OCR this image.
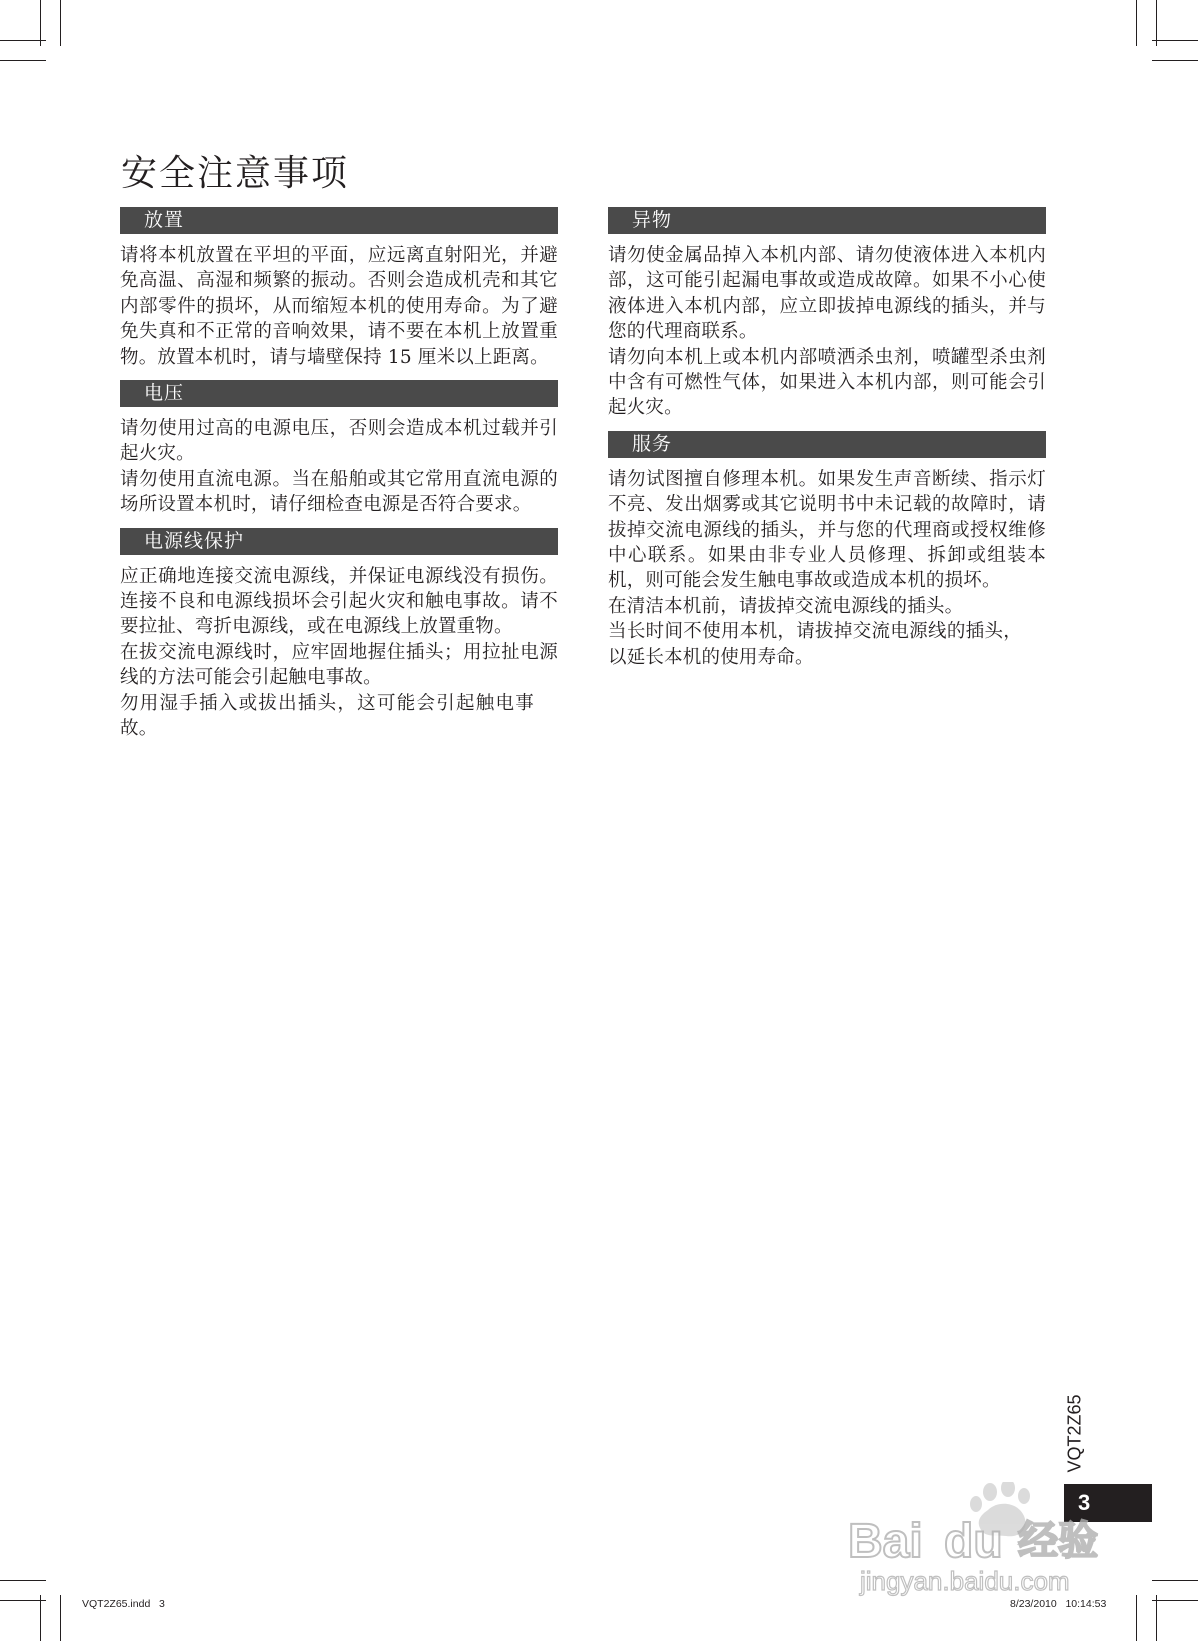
安全注意事项
放置

请将本机放置在平坦的平面，应远离直射阳光，并避免高温、高湿和频繁的振动。否则会造成机壳和其它内部零件的损坏，从而缩短本机的使用寿命。为了避免失真和不正常的音响效果，请不要在本机上放置重物。放置本机时，请与墙壁保持 15 厘米以上距离。

电压

请勿使用过高的电源电压，否则会造成本机过载并引起火灾。

请勿使用直流电源。当在船舶或其它常用直流电源的场所设置本机时，请仔细检查电源是否符合要求。

电源线保护

应正确地连接交流电源线，并保证电源线没有损伤。连接不良和电源线损坏会引起火灾和触电事故。请不要拉扯、弯折电源线，或在电源线上放置重物。

在拔交流电源线时，应牢固地握住插头；用拉扯电源线的方法可能会引起触电事故。

勿用湿手插入或拔出插头，这可能会引起触电事故。

异物

请勿使金属品掉入本机内部、请勿使液体进入本机内部，这可能引起漏电事故或造成故障。如果不小心使液体进入本机内部，应立即拔掉电源线的插头，并与您的代理商联系。

请勿向本机上或本机内部喷洒杀虫剂，喷罐型杀虫剂中含有可燃性气体，如果进入本机内部，则可能会引起火灾。

服务

请勿试图擅自修理本机。如果发生声音断续、指示灯不亮、发出烟雾或其它说明书中未记载的故障时，请拔掉交流电源线的插头，并与您的代理商或授权维修中心联系。如果由非专业人员修理、拆卸或组装本机，则可能会发生触电事故或造成本机的损坏。

在清洁本机前，请拔掉交流电源线的插头。

当长时间不使用本机，请拔掉交流电源线的插头，以延长本机的使用寿命。

3
VQT2Z65
Bai du 经验
jingyan.baidu.com
VQT2Z65.indd   3	8/23/2010   10:14:53
